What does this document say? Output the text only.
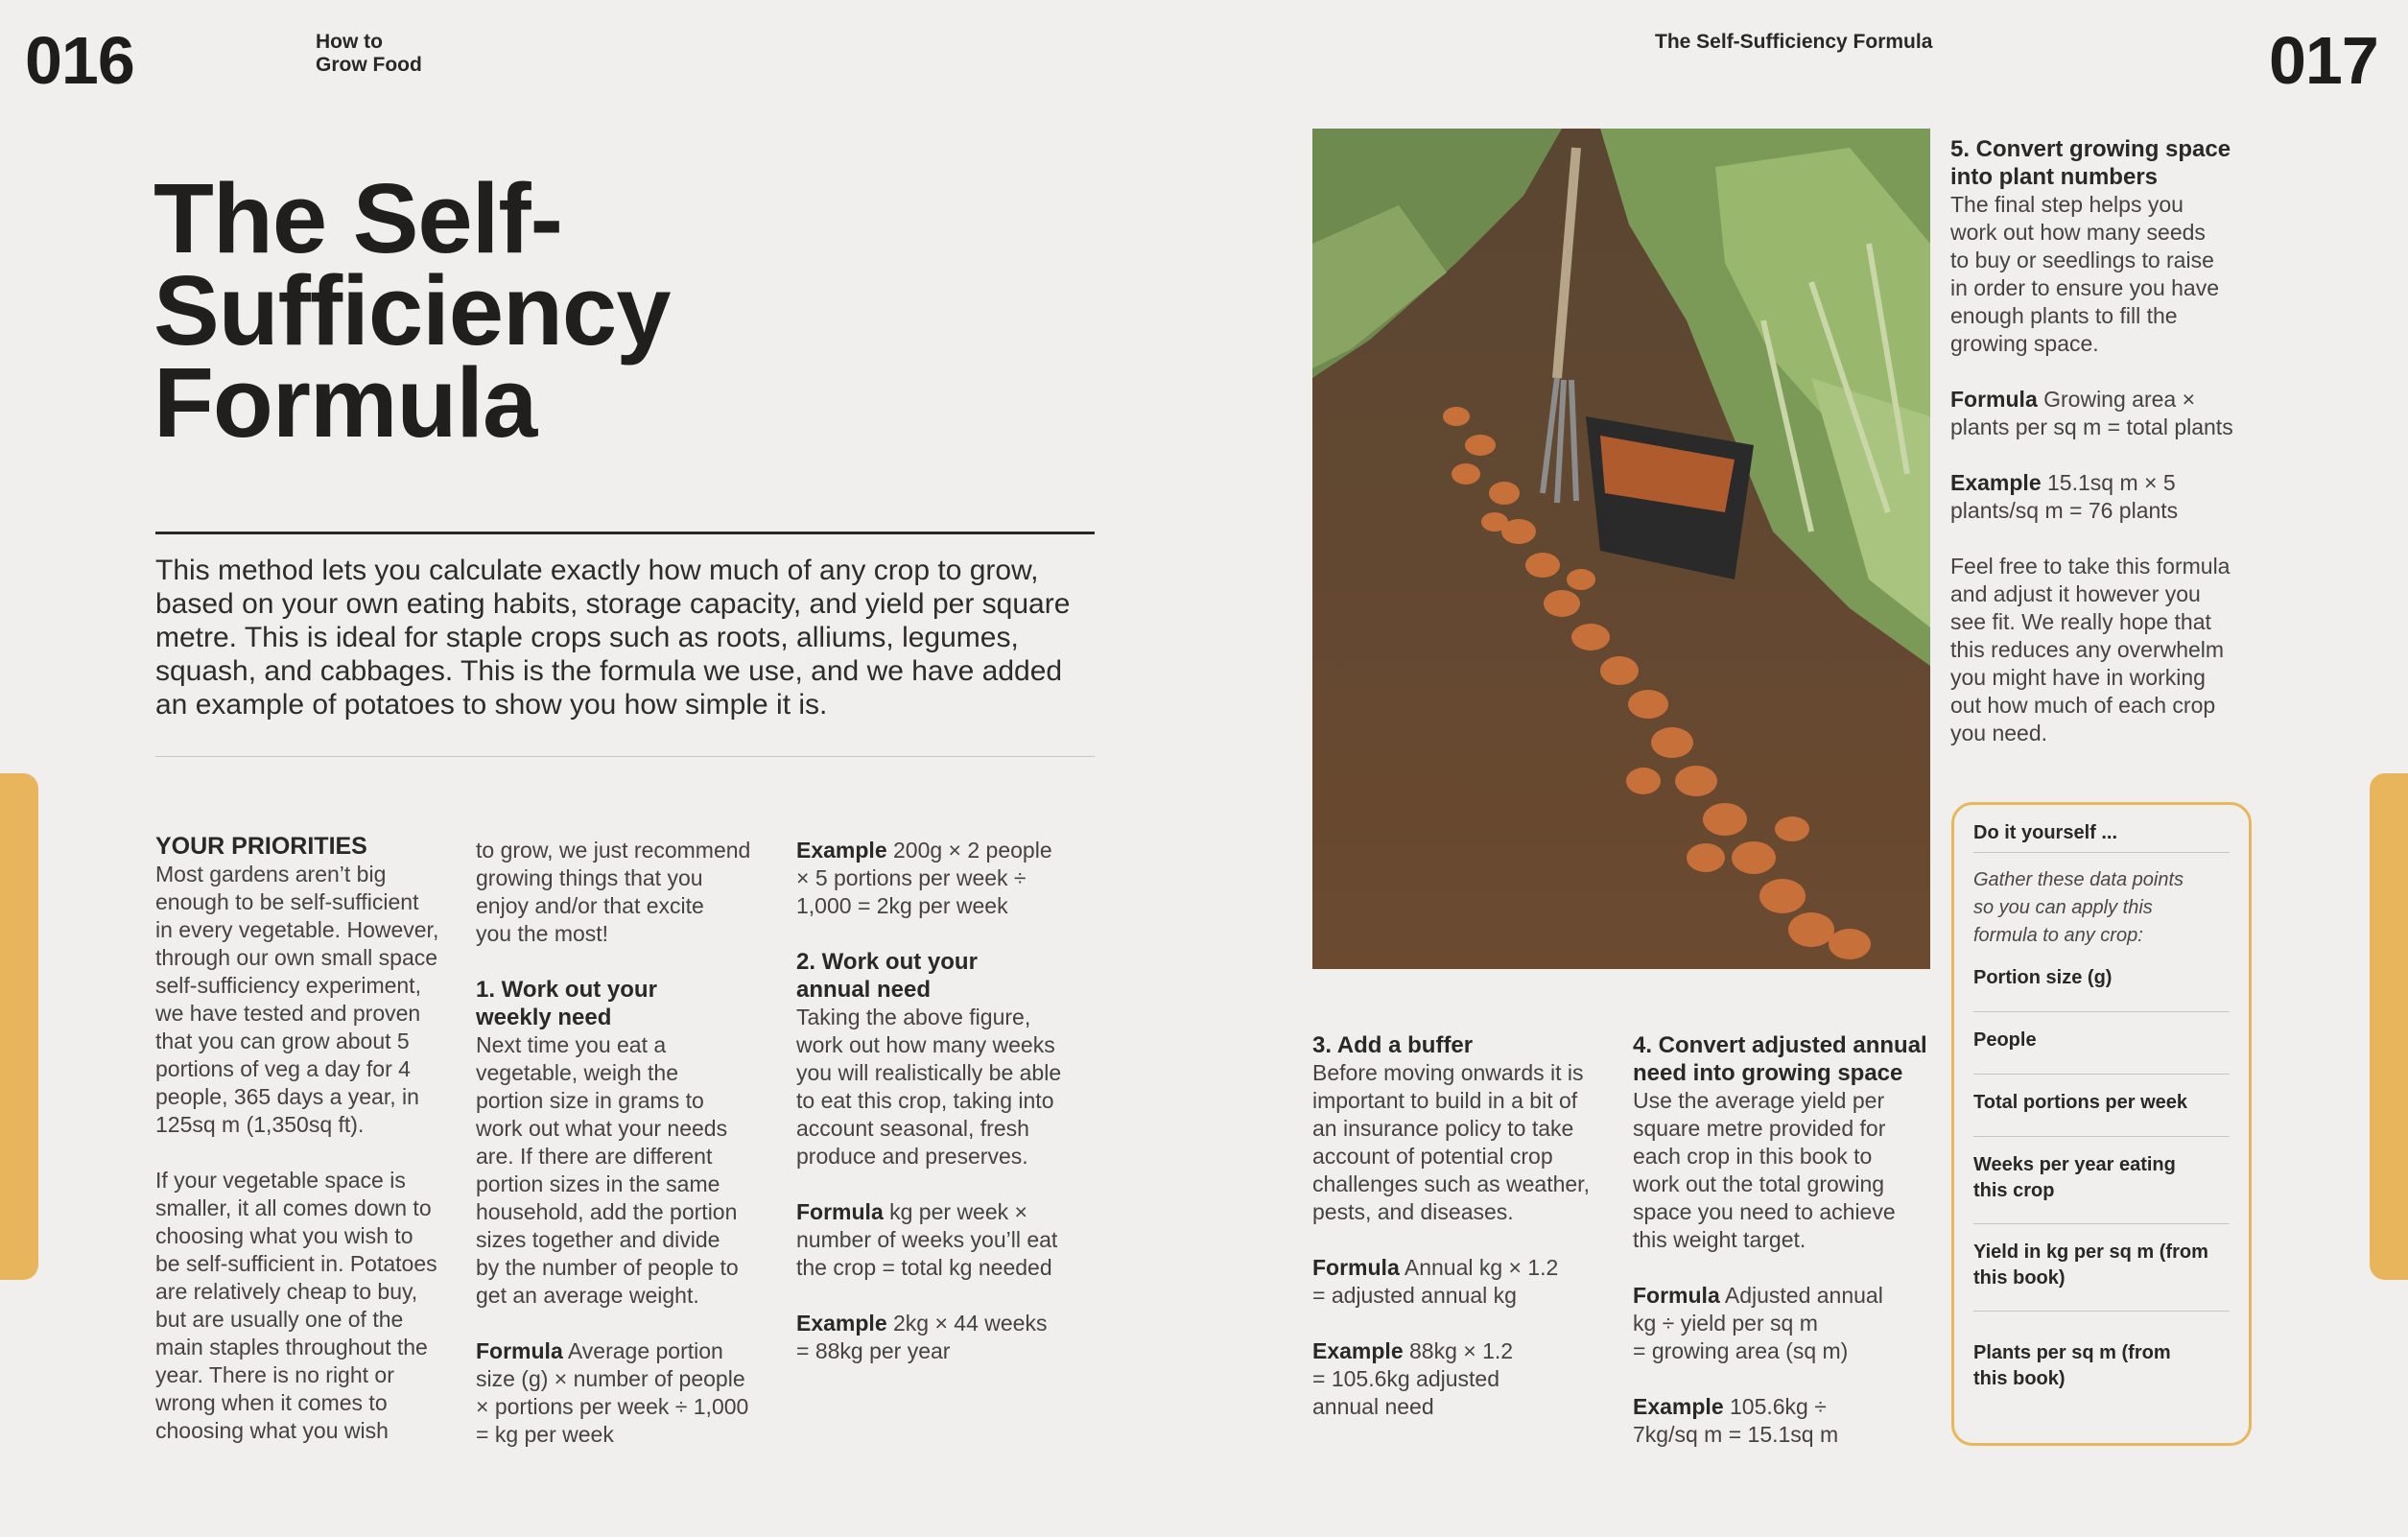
016	How to
Grow Food
The Self-
Sufficiency
Formula
This method lets you calculate exactly how much of any crop to grow,
based on your own eating habits, storage capacity, and yield per square
metre. This is ideal for staple crops such as roots, alliums, legumes,
squash, and cabbages. This is the formula we use, and we have added
an example of potatoes to show you how simple it is.
YOUR PRIORITIES

Most gardens aren’t big
enough to be self-sufficient
in every vegetable. However,
through our own small space
self-sufficiency experiment,
we have tested and proven
that you can grow about 5
portions of veg a day for 4
people, 365 days a year, in
125sq m (1,350sq ft).

If your vegetable space is
smaller, it all comes down to
choosing what you wish to
be self-sufficient in. Potatoes
are relatively cheap to buy,
but are usually one of the
main staples throughout the
year. There is no right or
wrong when it comes to
choosing what you wish

to grow, we just recommend
growing things that you
enjoy and/or that excite
you the most!

1. Work out your
weekly need
Next time you eat a
vegetable, weigh the
portion size in grams to
work out what your needs
are. If there are different
portion sizes in the same
household, add the portion
sizes together and divide
by the number of people to
get an average weight.

Formula Average portion
size (g) × number of people
× portions per week ÷ 1,000
= kg per week

Example 200g × 2 people
× 5 portions per week ÷
1,000 = 2kg per week

2. Work out your
annual need
Taking the above figure,
work out how many weeks
you will realistically be able
to eat this crop, taking into
account seasonal, fresh
produce and preserves.

Formula kg per week ×
number of weeks you’ll eat
the crop = total kg needed

Example 2kg × 44 weeks
= 88kg per year

The Self-Sufficiency Formula	017
5. Convert growing space
into plant numbers
The final step helps you
work out how many seeds
to buy or seedlings to raise
in order to ensure you have
enough plants to fill the
growing space.

Formula Growing area ×
plants per sq m = total plants

Example 15.1sq m × 5
plants/sq m = 76 plants

Feel free to take this formula
and adjust it however you
see fit. We really hope that
this reduces any overwhelm
you might have in working
out how much of each crop
you need.

3. Add a buffer
Before moving onwards it is
important to build in a bit of
an insurance policy to take
account of potential crop
challenges such as weather,
pests, and diseases.

Formula Annual kg × 1.2
= adjusted annual kg

Example 88kg × 1.2
= 105.6kg adjusted
annual need

4. Convert adjusted annual
need into growing space
Use the average yield per
square metre provided for
each crop in this book to
work out the total growing
space you need to achieve
this weight target.

Formula Adjusted annual
kg ÷ yield per sq m
= growing area (sq m)

Example 105.6kg ÷
7kg/sq m = 15.1sq m

Do it yourself ...
Gather these data points
so you can apply this
formula to any crop:
Portion size (g)
People
Total portions per week
Weeks per year eating
this crop
Yield in kg per sq m (from
this book)
Plants per sq m (from
this book)
